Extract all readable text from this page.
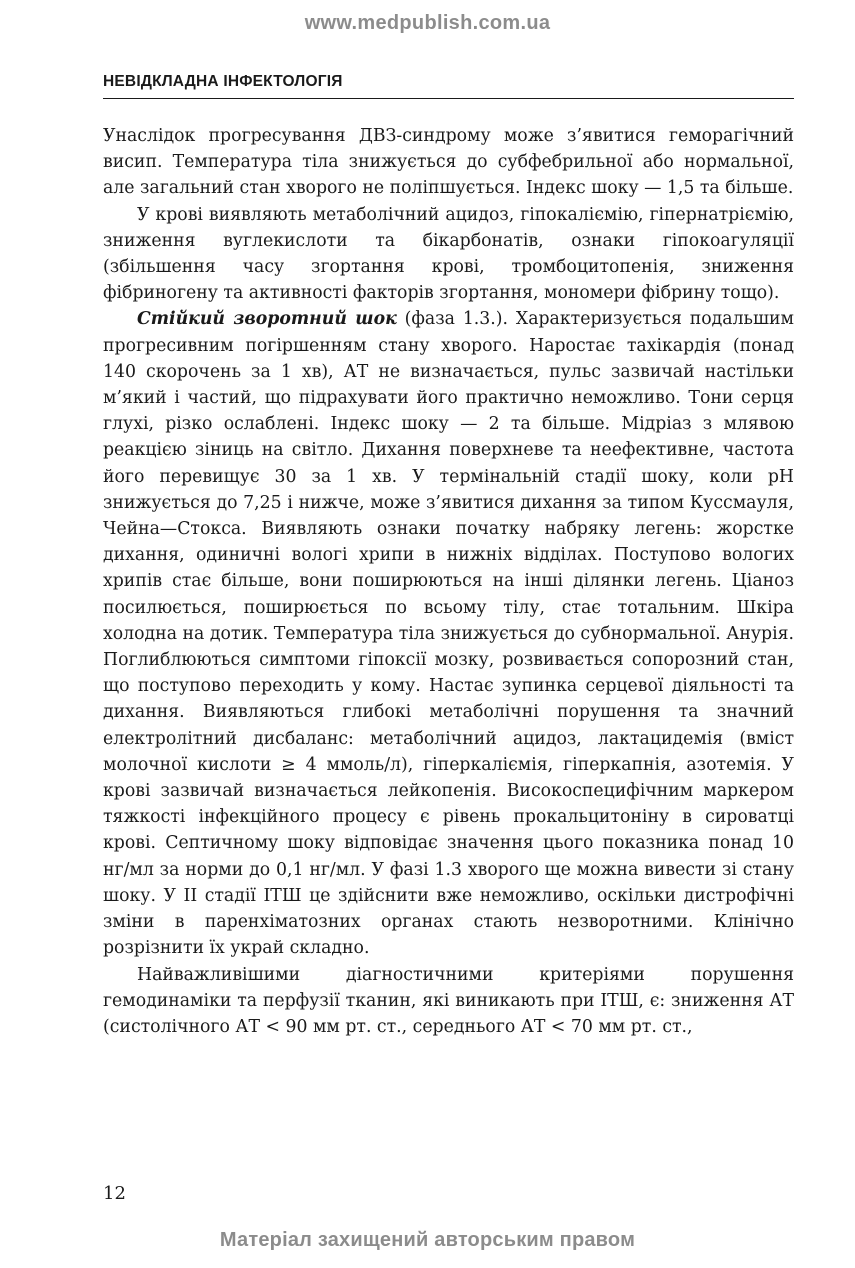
www.medpublish.com.ua
НЕВІДКЛАДНА ІНФЕКТОЛОГІЯ

Унаслідок прогресування ДВЗ-синдрому може з’явитися геморагічний висип. Температура тіла знижується до субфебрильної або нормальної, але загальний стан хворого не поліпшується. Індекс шоку — 1,5 та більше.

У крові виявляють метаболічний ацидоз, гіпокаліємію, гіпернатріємію, зниження вуглекислоти та бікарбонатів, ознаки гіпокоагуляції (збільшення часу згортання крові, тромбоцитопенія, зниження фібриногену та активності факторів згортання, мономери фібрину тощо).

Стійкий зворотний шок (фаза 1.3.). Характеризується подальшим прогресивним погіршенням стану хворого. Наростає тахікардія (понад 140 скорочень за 1 хв), АТ не визначається, пульс зазвичай настільки м’який і частий, що підрахувати його практично неможливо. Тони серця глухі, різко ослаблені. Індекс шоку — 2 та більше. Мідріаз з млявою реакцією зіниць на світло. Дихання поверхневе та неефективне, частота його перевищує 30 за 1 хв. У термінальній стадії шоку, коли pH знижується до 7,25 і нижче, може з’явитися дихання за типом Куссмауля, Чейна—Стокса. Виявляють ознаки початку набряку легень: жорстке дихання, одиничні вологі хрипи в нижніх відділах. Поступово вологих хрипів стає більше, вони поширюються на інші ділянки легень. Ціаноз посилюється, поширюється по всьому тілу, стає тотальним. Шкіра холодна на дотик. Температура тіла знижується до субнормальної. Анурія. Поглиблюються симптоми гіпоксії мозку, розвивається сопорозний стан, що поступово переходить у кому. Настає зупинка серцевої діяльності та дихання. Виявляються глибокі метаболічні порушення та значний електролітний дисбаланс: метаболічний ацидоз, лактацидемія (вміст молочної кислоти ≥ 4 ммоль/л), гіперкаліємія, гіперкапнія, азотемія. У крові зазвичай визначається лейкопенія. Високоспецифічним маркером тяжкості інфекційного процесу є рівень прокальцитоніну в сироватці крові. Септичному шоку відповідає значення цього показника понад 10 нг/мл за норми до 0,1 нг/мл. У фазі 1.3 хворого ще можна вивести зі стану шоку. У ІІ стадії ІТШ це здійснити вже неможливо, оскільки дистрофічні зміни в паренхіматозних органах стають незворотними. Клінічно розрізнити їх украй складно.

Найважливішими діагностичними критеріями порушення гемодинаміки та перфузії тканин, які виникають при ІТШ, є: зниження АТ (систолічного АТ < 90 мм рт. ст., середнього АТ < 70 мм рт. ст.,

12
Матеріал захищений авторським правом
